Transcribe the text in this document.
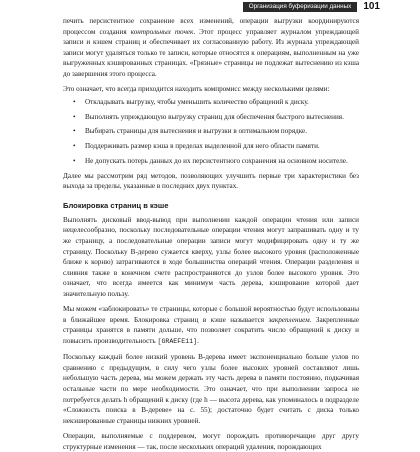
Организация буферизации данных	101

печить персистентное сохранение всех изменений, операции выгрузки координируются процессом создания контрольных точек. Этот процесс управляет журналом упреждающей записи и кэшем страниц и обеспечивает их согласованную работу. Из журнала упреждающей записи могут удаляться только те записи, которые относятся к операциям, выполненным на уже выгруженных кэшированных страницах. «Грязные» страницы не подлежат вытеснению из кэша до завершения этого процесса.

Это означает, что всегда приходится находить компромисс между несколькими целями:

• Откладывать выгрузку, чтобы уменьшить количество обращений к диску.
• Выполнять упреждающую выгрузку страниц для обеспечения быстрого вытеснения.
• Выбирать страницы для вытеснения и выгрузки в оптимальном порядке.
• Поддерживать размер кэша в пределах выделенной для него области памяти.
• Не допускать потерь данных до их персистентного сохранения на основном носителе.

Далее мы рассмотрим ряд методов, позволяющих улучшить первые три характеристики без выхода за пределы, указанные в последних двух пунктах.

Блокировка страниц в кэше

Выполнять дисковый ввод-вывод при выполнении каждой операции чтения или записи нецелесообразно, поскольку последовательные операции чтения могут запрашивать одну и ту же страницу, а последовательные операции записи могут модифицировать одну и ту же страницу. Поскольку B-дерево сужается кверху, узлы более высокого уровня (расположенные ближе к корню) затрагиваются в ходе большинства операций чтения. Операции разделения и слияния также в конечном счете распространяются до узлов более высокого уровня. Это означает, что всегда имеется как минимум часть дерева, кэширование которой дает значительную пользу.

Мы можем «заблокировать» те страницы, которые с большой вероятностью будут использованы в ближайшее время. Блокировка страниц в кэше называется закреплением. Закрепленные страницы хранятся в памяти дольше, что позволяет сократить число обращений к диску и повысить производительность [GRAEFE11].

Поскольку каждый более низкий уровень B-дерева имеет экспоненциально больше узлов по сравнению с предыдущим, в силу чего узлы более высоких уровней составляют лишь небольшую часть дерева, мы можем держать эту часть дерева в памяти постоянно, подкачивая остальные части по мере необходимости. Это означает, что при выполнении запроса не потребуется делать h обращений к диску (где h — высота дерева, как упоминалось в подразделе «Сложность поиска в B-дереве» на с. 55); достаточно будет считать с диска только некэшированные страницы нижних уровней.

Операции, выполняемые с поддеревом, могут порождать противоречащие друг другу структурные изменения — так, после нескольких операций удаления, порождающих
